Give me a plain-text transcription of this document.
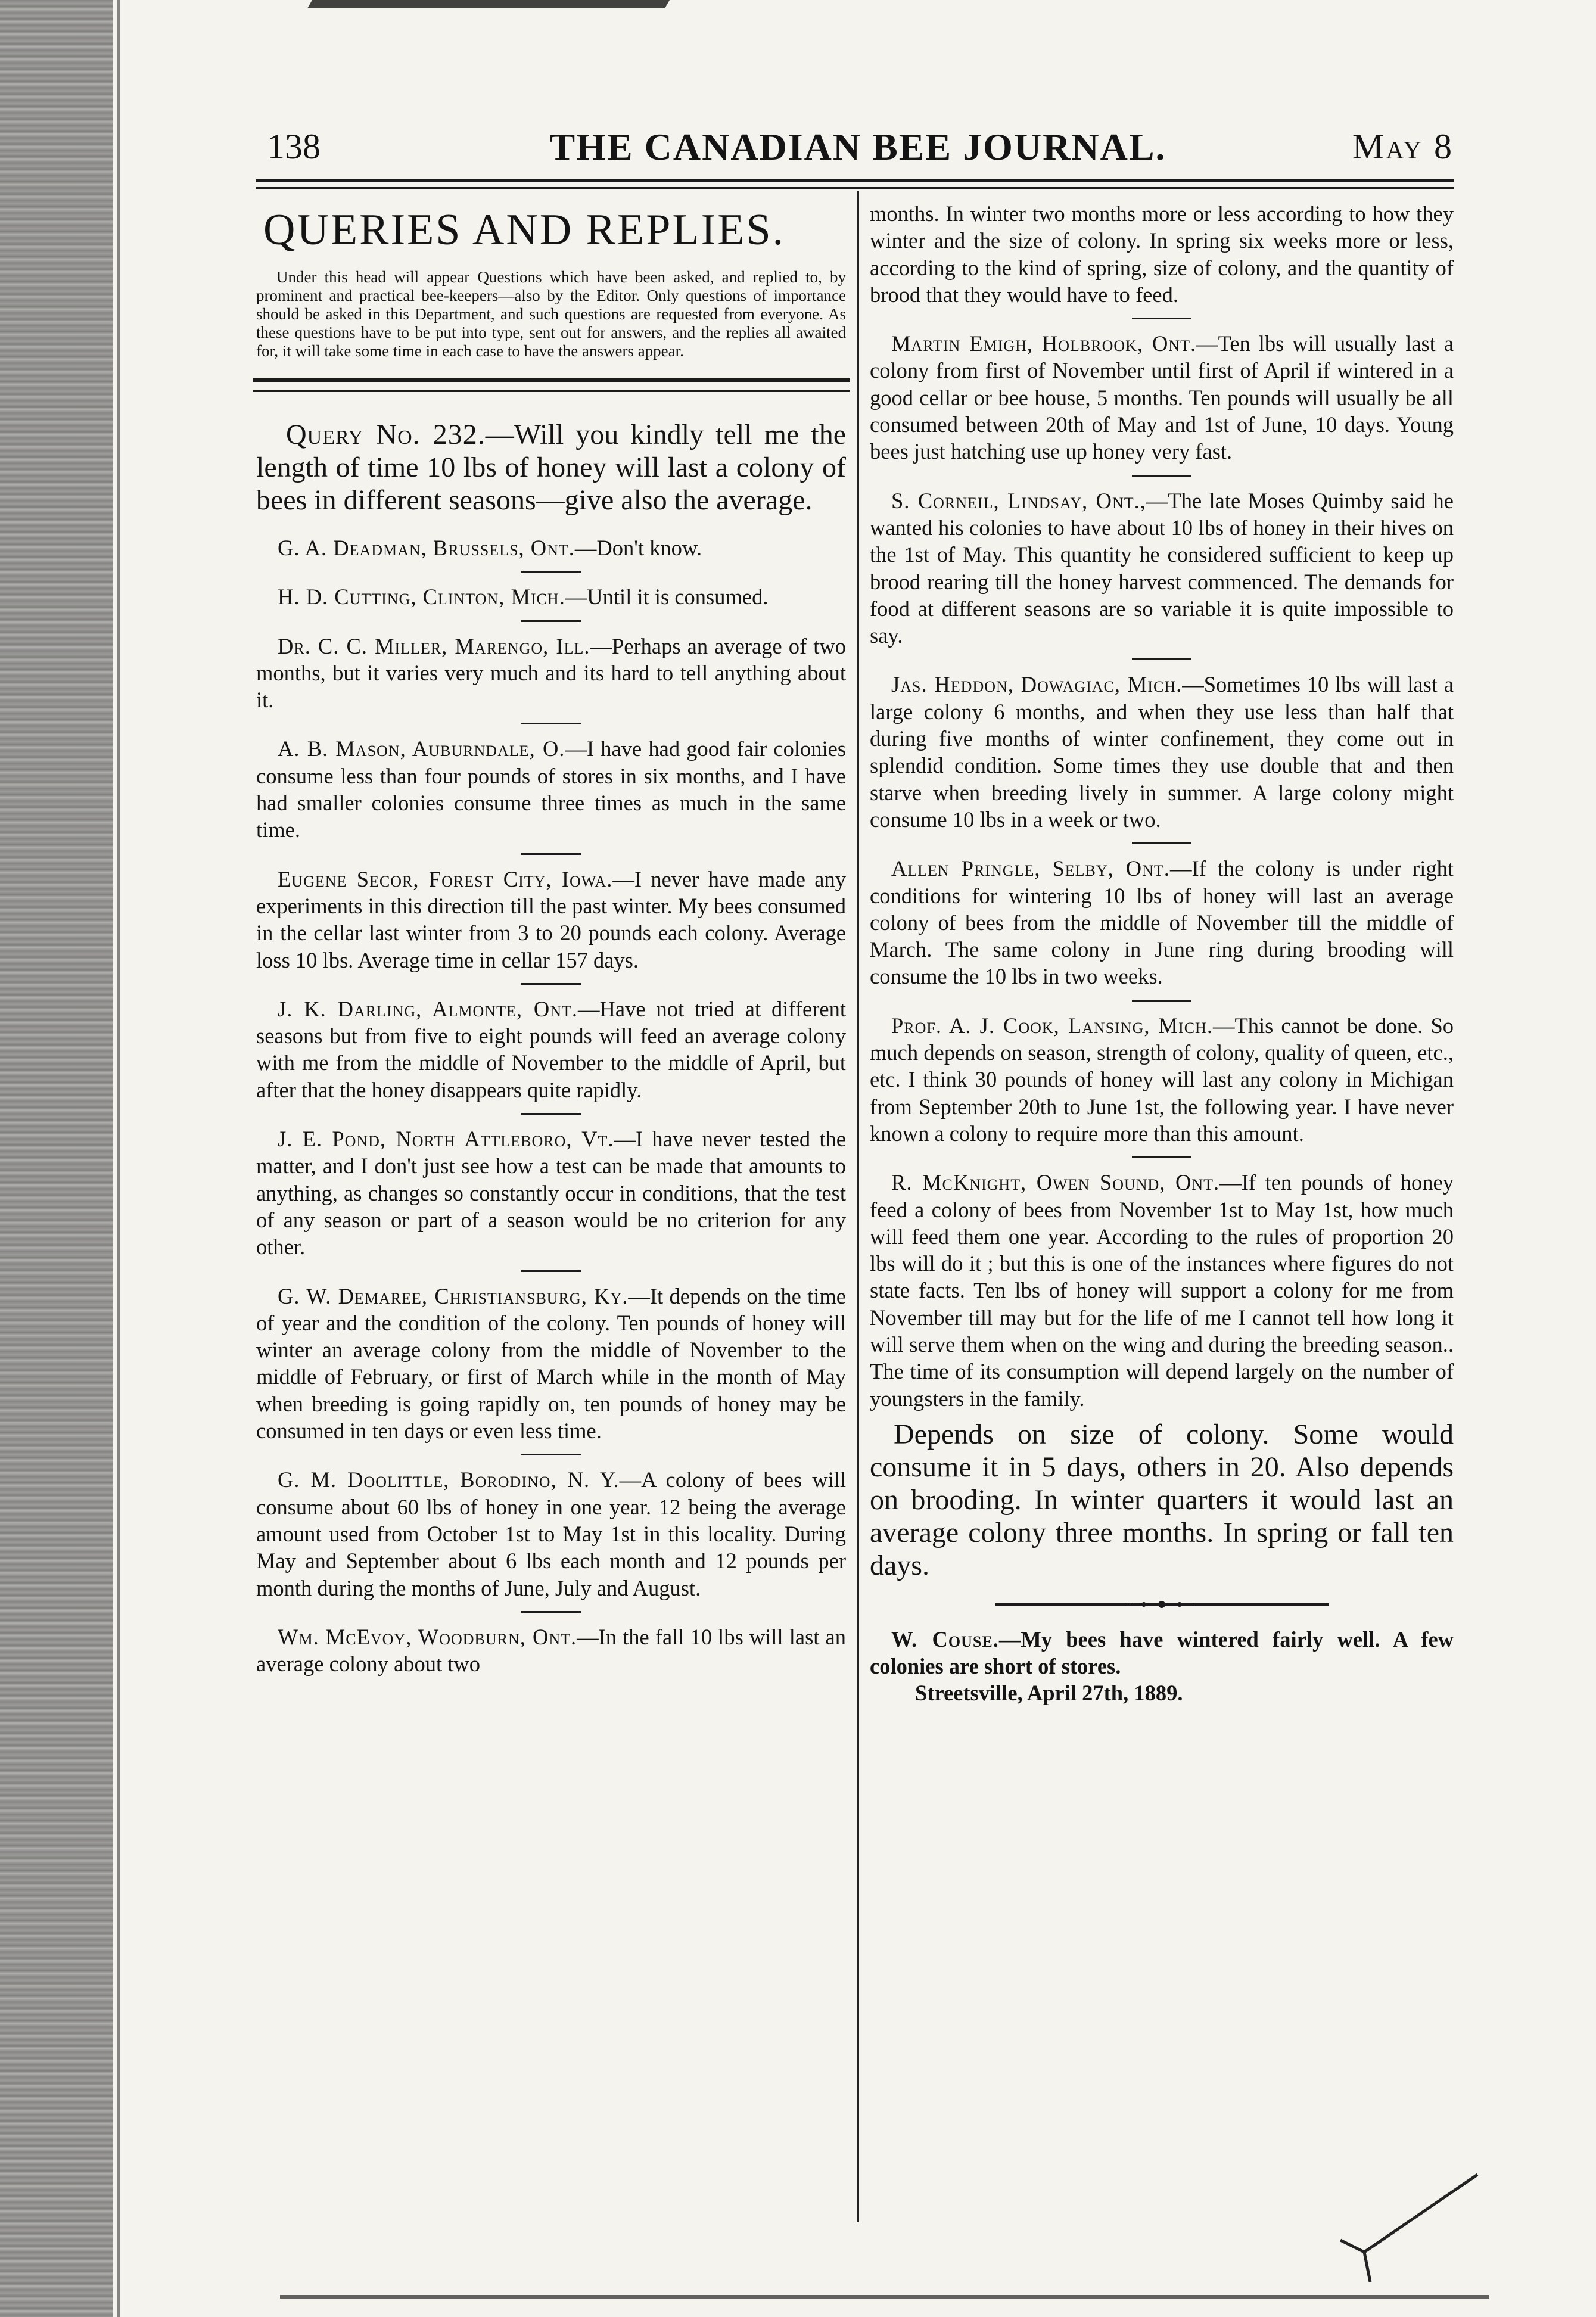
138	THE CANADIAN BEE JOURNAL.	May 8
QUERIES AND REPLIES.

Under this head will appear Questions which have been asked, and replied to, by prominent and practical bee-keepers—also by the Editor. Only questions of importance should be asked in this Department, and such questions are requested from everyone. As these questions have to be put into type, sent out for answers, and the replies all awaited for, it will take some time in each case to have the answers appear.

Query No. 232.—Will you kindly tell me the length of time 10 lbs of honey will last a colony of bees in different seasons—give also the average.

G. A. Deadman, Brussels, Ont.—Don't know.

H. D. Cutting, Clinton, Mich.—Until it is consumed.

Dr. C. C. Miller, Marengo, Ill.—Perhaps an average of two months, but it varies very much and its hard to tell anything about it.

A. B. Mason, Auburndale, O.—I have had good fair colonies consume less than four pounds of stores in six months, and I have had smaller colonies consume three times as much in the same time.

Eugene Secor, Forest City, Iowa.—I never have made any experiments in this direction till the past winter. My bees consumed in the cellar last winter from 3 to 20 pounds each colony. Average loss 10 lbs. Average time in cellar 157 days.

J. K. Darling, Almonte, Ont.—Have not tried at different seasons but from five to eight pounds will feed an average colony with me from the middle of November to the middle of April, but after that the honey disappears quite rapidly.

J. E. Pond, North Attleboro, Vt.—I have never tested the matter, and I don't just see how a test can be made that amounts to anything, as changes so constantly occur in conditions, that the test of any season or part of a season would be no criterion for any other.

G. W. Demaree, Christiansburg, Ky.—It depends on the time of year and the condition of the colony. Ten pounds of honey will winter an average colony from the middle of November to the middle of February, or first of March while in the month of May when breeding is going rapidly on, ten pounds of honey may be consumed in ten days or even less time.

G. M. Doolittle, Borodino, N. Y.—A colony of bees will consume about 60 lbs of honey in one year. 12 being the average amount used from October 1st to May 1st in this locality. During May and September about 6 lbs each month and 12 pounds per month during the months of June, July and August.

Wm. McEvoy, Woodburn, Ont.—In the fall 10 lbs will last an average colony about two

months. In winter two months more or less according to how they winter and the size of colony. In spring six weeks more or less, according to the kind of spring, size of colony, and the quantity of brood that they would have to feed.

Martin Emigh, Holbrook, Ont.—Ten lbs will usually last a colony from first of November until first of April if wintered in a good cellar or bee house, 5 months. Ten pounds will usually be all consumed between 20th of May and 1st of June, 10 days. Young bees just hatching use up honey very fast.

S. Corneil, Lindsay, Ont.,—The late Moses Quimby said he wanted his colonies to have about 10 lbs of honey in their hives on the 1st of May. This quantity he considered sufficient to keep up brood rearing till the honey harvest commenced. The demands for food at different seasons are so variable it is quite impossible to say.

Jas. Heddon, Dowagiac, Mich.—Sometimes 10 lbs will last a large colony 6 months, and when they use less than half that during five months of winter confinement, they come out in splendid condition. Some times they use double that and then starve when breeding lively in summer. A large colony might consume 10 lbs in a week or two.

Allen Pringle, Selby, Ont.—If the colony is under right conditions for wintering 10 lbs of honey will last an average colony of bees from the middle of November till the middle of March. The same colony in June ring during brooding will consume the 10 lbs in two weeks.

Prof. A. J. Cook, Lansing, Mich.—This cannot be done. So much depends on season, strength of colony, quality of queen, etc., etc. I think 30 pounds of honey will last any colony in Michigan from September 20th to June 1st, the following year. I have never known a colony to require more than this amount.

R. McKnight, Owen Sound, Ont.—If ten pounds of honey feed a colony of bees from November 1st to May 1st, how much will feed them one year. According to the rules of proportion 20 lbs will do it ; but this is one of the instances where figures do not state facts. Ten lbs of honey will support a colony for me from November till may but for the life of me I cannot tell how long it will serve them when on the wing and during the breeding season.. The time of its consumption will depend largely on the number of youngsters in the family.

Depends on size of colony. Some would consume it in 5 days, others in 20. Also depends on brooding. In winter quarters it would last an average colony three months. In spring or fall ten days.

W. Couse.—My bees have wintered fairly well. A few colonies are short of stores.

Streetsville, April 27th, 1889.
